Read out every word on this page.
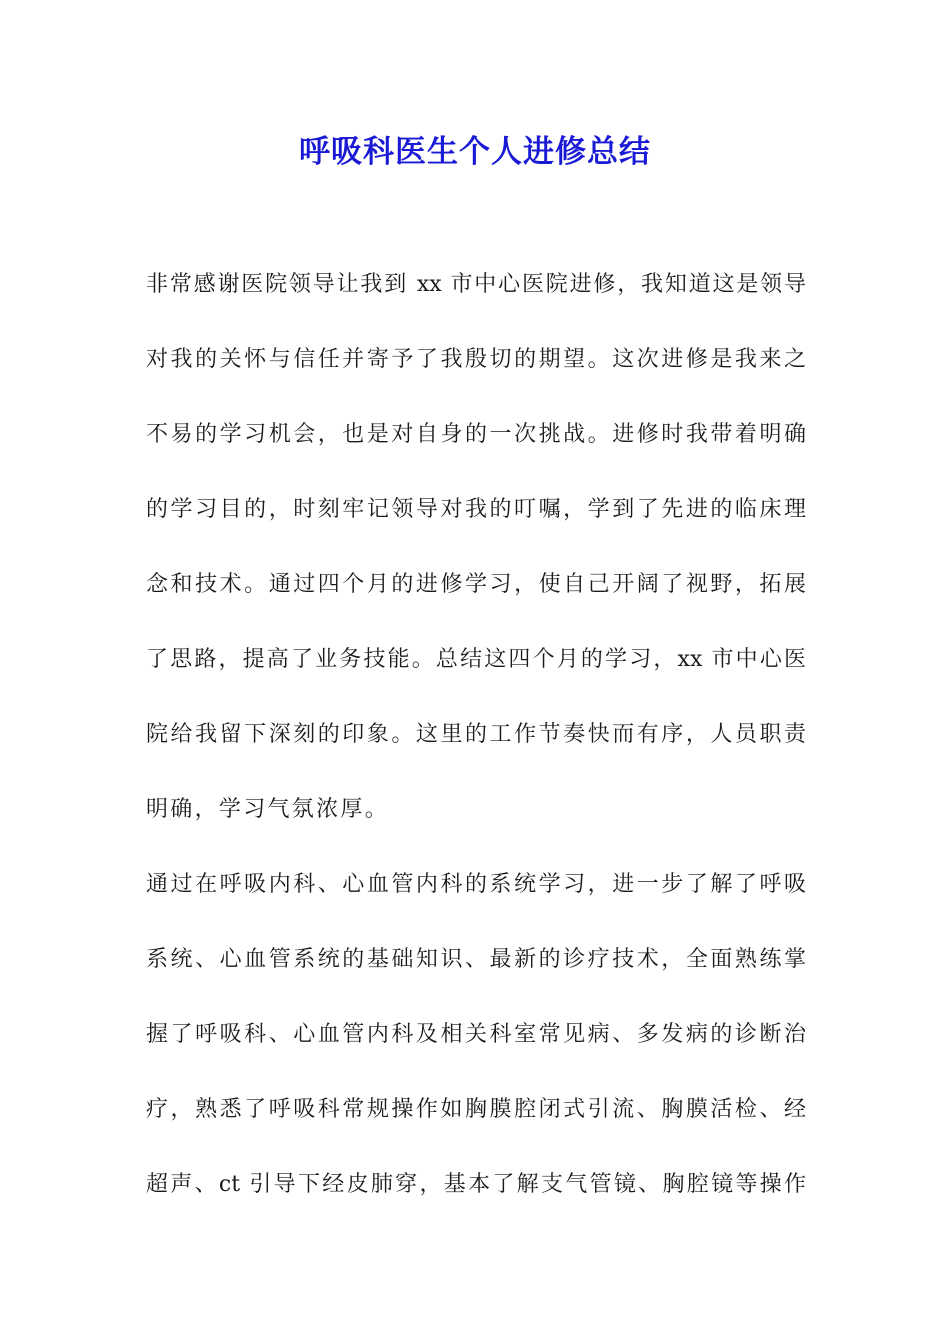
呼吸科医生个人进修总结
非常感谢医院领导让我到 xx 市中心医院进修，我知道这是领导
对我的关怀与信任并寄予了我殷切的期望。这次进修是我来之
不易的学习机会，也是对自身的一次挑战。进修时我带着明确
的学习目的，时刻牢记领导对我的叮嘱，学到了先进的临床理
念和技术。通过四个月的进修学习，使自己开阔了视野，拓展
了思路，提高了业务技能。总结这四个月的学习，xx 市中心医
院给我留下深刻的印象。这里的工作节奏快而有序，人员职责
明确，学习气氛浓厚。
通过在呼吸内科、心血管内科的系统学习，进一步了解了呼吸
系统、心血管系统的基础知识、最新的诊疗技术，全面熟练掌
握了呼吸科、心血管内科及相关科室常见病、多发病的诊断治
疗，熟悉了呼吸科常规操作如胸膜腔闭式引流、胸膜活检、经
超声、ct 引导下经皮肺穿，基本了解支气管镜、胸腔镜等操作
